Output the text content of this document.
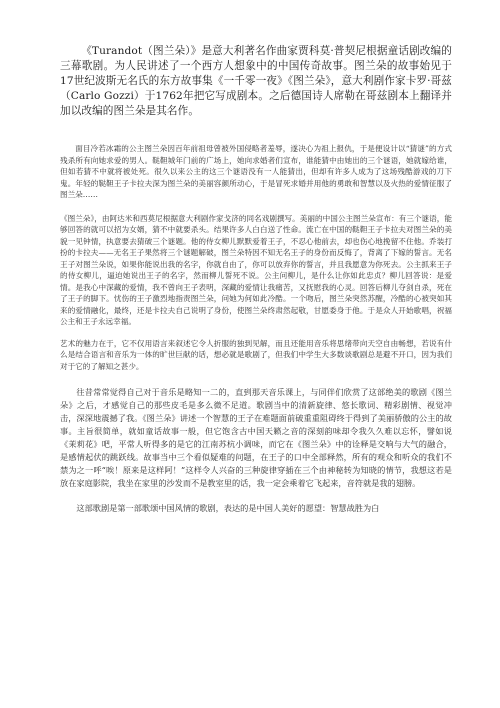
《Turandot（图兰朵）》是意大利著名作曲家贾科莫·普契尼根据童话剧改编的三幕歌剧。为人民讲述了一个西方人想象中的中国传奇故事。图兰朵的故事始见于17世纪波斯无名氏的东方故事集《一千零一夜》《图兰朵》，意大利剧作家卡罗·哥兹（Carlo Gozzi）于1762年把它写成剧本。之后德国诗人席勒在哥兹剧本上翻译并加以改编的图兰朵是其名作。

面目冷若冰霜的公主图兰朵因百年前祖母曾被外国侵略者羞辱，遂决心为祖上报仇，于是便设计以“猜谜”的方式残杀所有向她求爱的男人。鞑靼城年门前的广场上，她向求婚者们宣布，谁能猜中由她出的三个谜语，她就嫁给谁，但如若猜不中就将被处死。很久以来公主的这三个谜语没有一人能猜出，但却有许多人成为了这场残酷游戏的刀下鬼。年轻的鞑靼王子卡拉夫深为图兰朵的美丽容颜所动心，于是冒死求婚并用他的勇敢和智慧以及火热的爱情征服了图兰朵……

《图兰朵》，由阿达米和西莫尼根据意大利剧作家戈济的同名戏剧撰写。美丽的中国公主图兰朵宣布：有三个谜语，能够回答的就可以招为女婿，猜不中就要杀头。结果许多人白白送了性命。流亡在中国的鞑靼王子卡拉夫对图兰朵的美貌一见钟情，执意要去猜破三个谜题。他的侍女柳儿默默爱着王子，不忍心他前去，却也伤心地挽留不住他。乔装打扮的卡拉夫——无名王子果然将三个谜题解破，图兰朵特因不知无名王子的身份而反悔了，背离了下嫁的誓言。无名王子对图兰朵说，如果你能说出我的名字，你就自由了，你可以放弃你的誓言，并且我愿意为你死去。公主抓来王子的侍女柳儿，逼迫她说出王子的名字，然而柳儿誓死不说。公主问柳儿，是什么让你如此忠贞？柳儿回答说：是爱情。是我心中深藏的爱情，我不曾向王子表明，深藏的爱情让我痛苦，又抚慰我的心灵。回答后柳儿夺剑自杀，死在了王子的脚下。忧伤的王子激烈地指责图兰朵，问她为何如此冷酷。一个吻后，图兰朵突然苏醒，冷酷的心被突如其来的爱情融化，最终，还是卡拉夫自己说明了身份，使图兰朵终肃然起敬，甘愿委身于他。于是众人开始歌唱，祝福公主和王子永远幸福。

艺术的魅力在于，它不仅用语言来叙述它令人折服的独到见解，而且还能用音乐将思绪带向天空自由畅想，若说有什么是结合语言和音乐为一体的旷世巨献的话，想必就是歌剧了，但我们中学生大多数谈歌剧总是避不开口，因为我们对于它的了解知之甚少。

往昔常常觉得自己对于音乐是略知一二的，直到那天音乐课上，与同伴们欣赏了这部绝美的歌剧《图兰朵》之后，才感觉自己的那些皮毛是多么微不足道。歌剧当中的清新旋律、悠长歌词、精彩剧情、视觉冲击，深深地震撼了我。《图兰朵》讲述一个智慧的王子在难题面前破重重阻碍终于得到了美丽骄傲的公主的故事。主旨很简单，就如童话故事一般，但它饱含古中国天籁之音的深刻韵味却令我久久难以忘怀，譬如说《茉莉花》吧，平常人听得多的是它的江南苏杭小调味，而它在《图兰朵》中的诠释是交响与大气的融合，是感情起伏的跳跃线。故事当中三个看似疑难的问题，在王子的口中全部释然，所有的观众和听众的我们不禁为之一呼“唉！原来是这样阿！”这样令人兴奋的三种旋律穿插在三个由神秘转为知晓的情节，我想这若是放在家庭影院，我坐在家里的沙发而不是教室里的话，我一定会乘着它飞起来，音符就是我的翅膀。

这部歌剧是第一部歌颂中国风情的歌剧，表达的是中国人美好的愿望：智慧战胜为白
